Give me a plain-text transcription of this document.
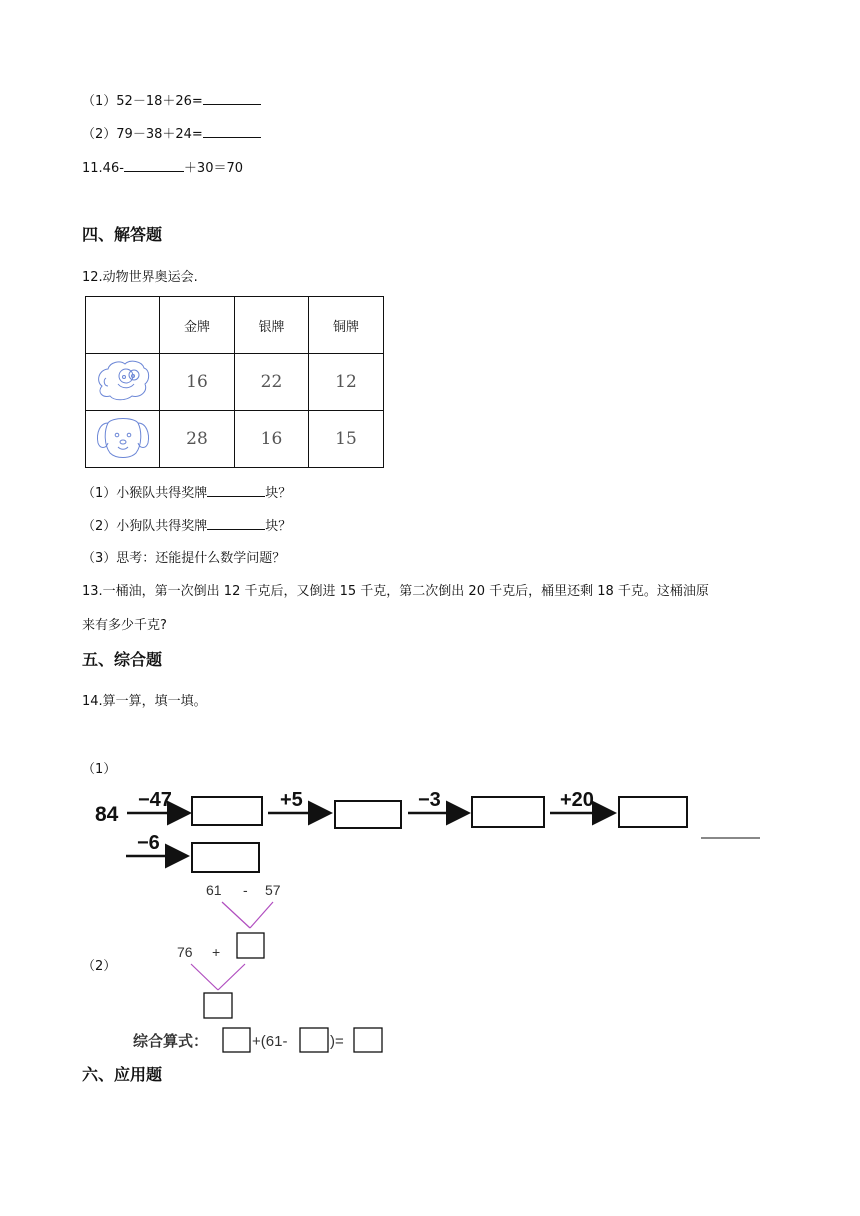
（1）52－18＋26=
（2）79－38＋24=
11.46-	＋30＝70
四、解答题
12.动物世界奥运会.
	金牌	银牌	铜牌
	16	22	12
	28	16	15
（1）小猴队共得奖牌	块？
（2）小狗队共得奖牌	块？
（3）思考：还能提什么数学问题？
13.一桶油，第一次倒出 12 千克后，又倒进 15 千克，第二次倒出 20 千克后，桶里还剩 18 千克。这桶油原
来有多少千克?
五、综合题
14.算一算，填一填。
（1）
84
−47	+5	−3	+20
−6
61 - 57
76 +
综合算式：	+(61-	)=
（2）
六、应用题
